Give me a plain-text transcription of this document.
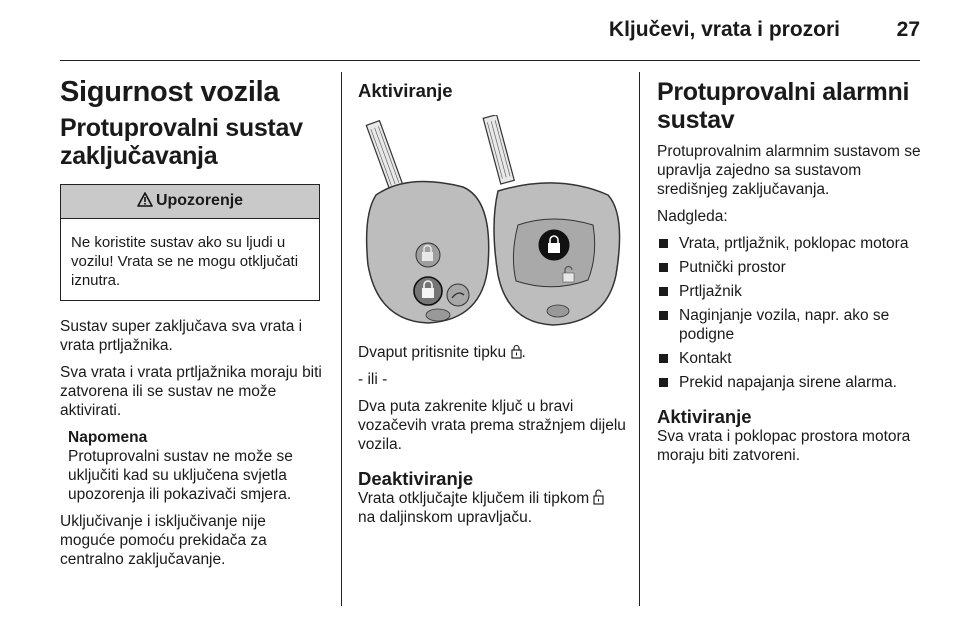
Ključevi, vrata i prozori	27
Sigurnost vozila
Protuprovalni sustav zaključavanja
Upozorenje
Ne koristite sustav ako su ljudi u vozilu! Vrata se ne mogu otključati iznutra.

Sustav super zaključava sva vrata i vrata prtljažnika.

Sva vrata i vrata prtljažnika moraju biti zatvorena ili se sustav ne može aktivirati.

Napomena
Protuprovalni sustav ne može se uključiti kad su uključena svjetla upozorenja ili pokazivači smjera.

Uključivanje i isključivanje nije moguće pomoću prekidača za centralno zaključavanje.

Aktiviranje

Dvaput pritisnite tipku .

- ili -

Dva puta zakrenite ključ u bravi vozačevih vrata prema stražnjem dijelu vozila.

Deaktiviranje

Vrata otključajte ključem ili tipkom
na daljinskom upravljaču.

Protuprovalni alarmni sustav

Protuprovalnim alarmnim sustavom se upravlja zajedno sa sustavom središnjeg zaključavanja.

Nadgleda:

Vrata, prtljažnik, poklopac motora
Putnički prostor
Prtljažnik
Naginjanje vozila, napr. ako se podigne
Kontakt
Prekid napajanja sirene alarma.
Aktiviranje

Sva vrata i poklopac prostora motora moraju biti zatvoreni.
